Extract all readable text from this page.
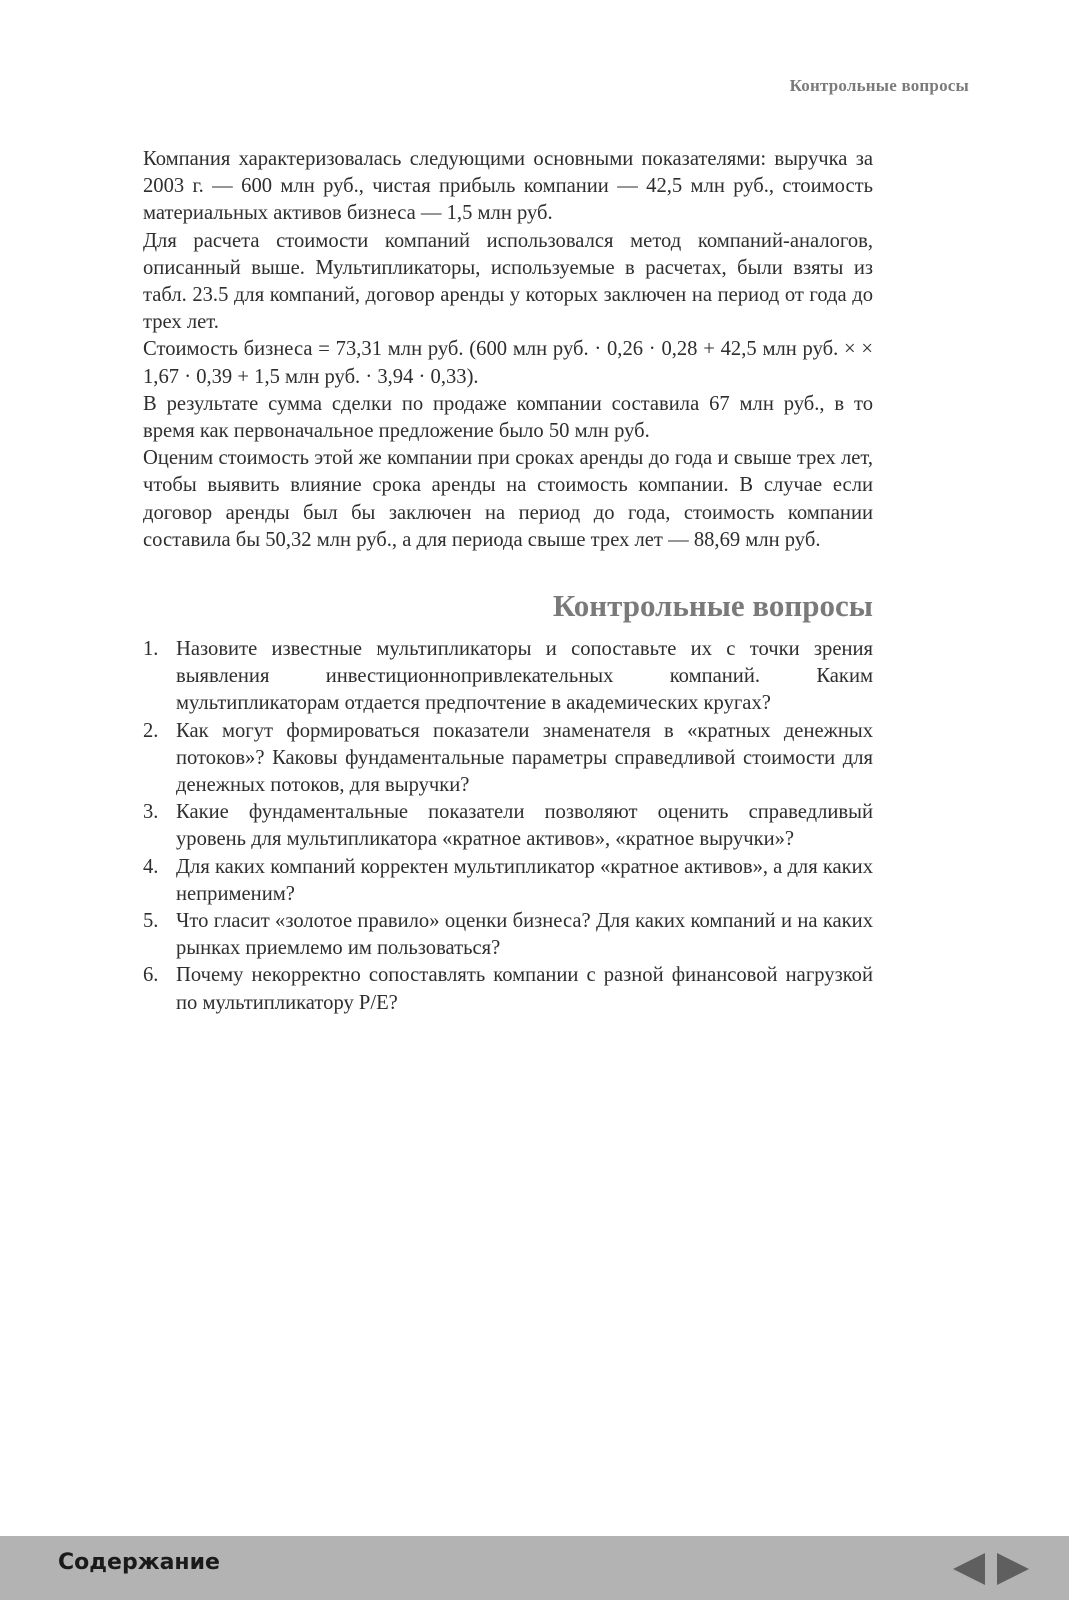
Контрольные вопросы

Компания характеризовалась следующими основными показателями: выручка за 2003 г. — 600 млн руб., чистая прибыль компании — 42,5 млн руб., стоимость материальных активов бизнеса — 1,5 млн руб.

Для расчета стоимости компаний использовался метод компаний-аналогов, описанный выше. Мультипликаторы, используемые в расчетах, были взяты из табл. 23.5 для компаний, договор аренды у которых заключен на период от года до трех лет.

Стоимость бизнеса = 73,31 млн руб. (600 млн руб. · 0,26 · 0,28 + 42,5 млн руб. × × 1,67 · 0,39 + 1,5 млн руб. · 3,94 · 0,33).

В результате сумма сделки по продаже компании составила 67 млн руб., в то время как первоначальное предложение было 50 млн руб.

Оценим стоимость этой же компании при сроках аренды до года и свыше трех лет, чтобы выявить влияние срока аренды на стоимость компании. В случае если договор аренды был бы заключен на период до года, стоимость компании составила бы 50,32 млн руб., а для периода свыше трех лет — 88,69 млн руб.

Контрольные вопросы
1. Назовите известные мультипликаторы и сопоставьте их с точки зрения выявления инвестиционнопривлекательных компаний. Каким мультипликаторам отдается предпочтение в академических кругах?
2. Как могут формироваться показатели знаменателя в «кратных денежных потоков»? Каковы фундаментальные параметры справедливой стоимости для денежных потоков, для выручки?
3. Какие фундаментальные показатели позволяют оценить справедливый уровень для мультипликатора «кратное активов», «кратное выручки»?
4. Для каких компаний корректен мультипликатор «кратное активов», а для каких неприменим?
5. Что гласит «золотое правило» оценки бизнеса? Для каких компаний и на каких рынках приемлемо им пользоваться?
6. Почему некорректно сопоставлять компании с разной финансовой нагрузкой по мультипликатору P/E?
Содержание
